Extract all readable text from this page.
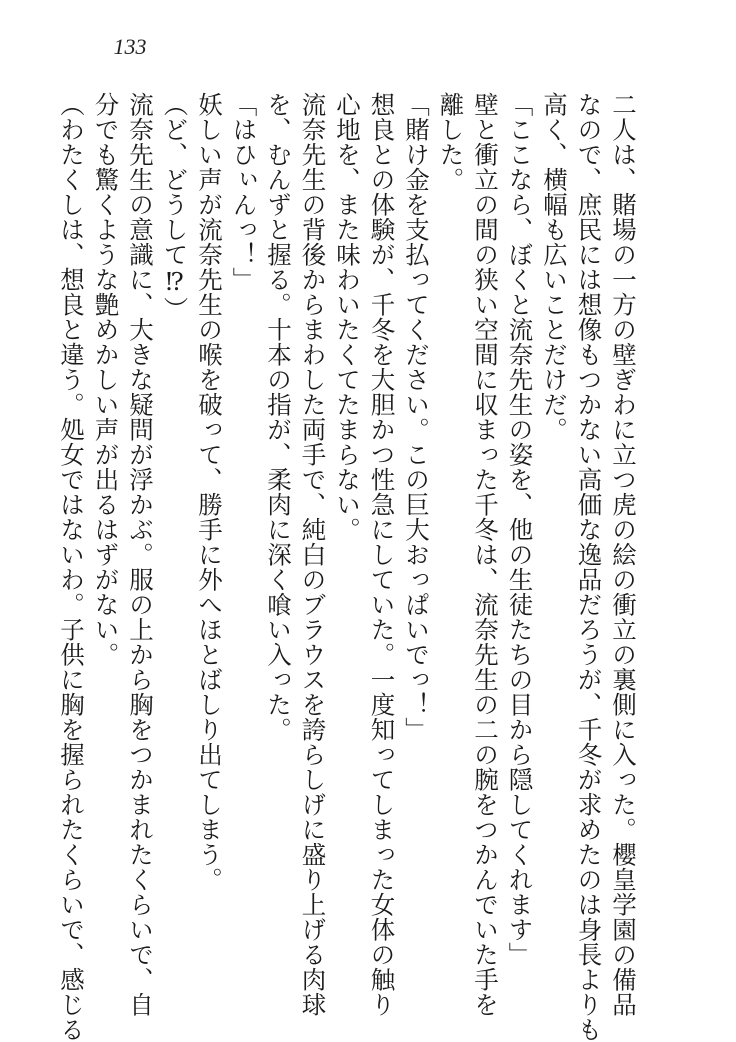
133
二人は、賭場の一方の壁ぎわに立つ虎の絵の衝立の裏側に入った。櫻皇学園の備品
なので、庶民には想像もつかない高価な逸品だろうが、千冬が求めたのは身長よりも
高く、横幅も広いことだけだ。
「ここなら、ぼくと流奈先生の姿を、他の生徒たちの目から隠してくれます」
壁と衝立の間の狭い空間に収まった千冬は、流奈先生の二の腕をつかんでいた手を
離した。
「賭け金を支払ってください。この巨大おっぱいでっ！」
想良との体験が、千冬を大胆かつ性急にしていた。一度知ってしまった女体の触り
心地を、また味わいたくてたまらない。
流奈先生の背後からまわした両手で、純白のブラウスを誇らしげに盛り上げる肉球
を、むんずと握る。十本の指が、柔肉に深く喰い入った。
「はひぃんっ！」
妖しい声が流奈先生の喉を破って、勝手に外へほとばしり出てしまう。
（ど、どうして⁉）
流奈先生の意識に、大きな疑問が浮かぶ。服の上から胸をつかまれたくらいで、自
分でも驚くような艶めかしい声が出るはずがない。
（わたくしは、想良と違う。処女ではないわ。子供に胸を握られたくらいで、感じる
